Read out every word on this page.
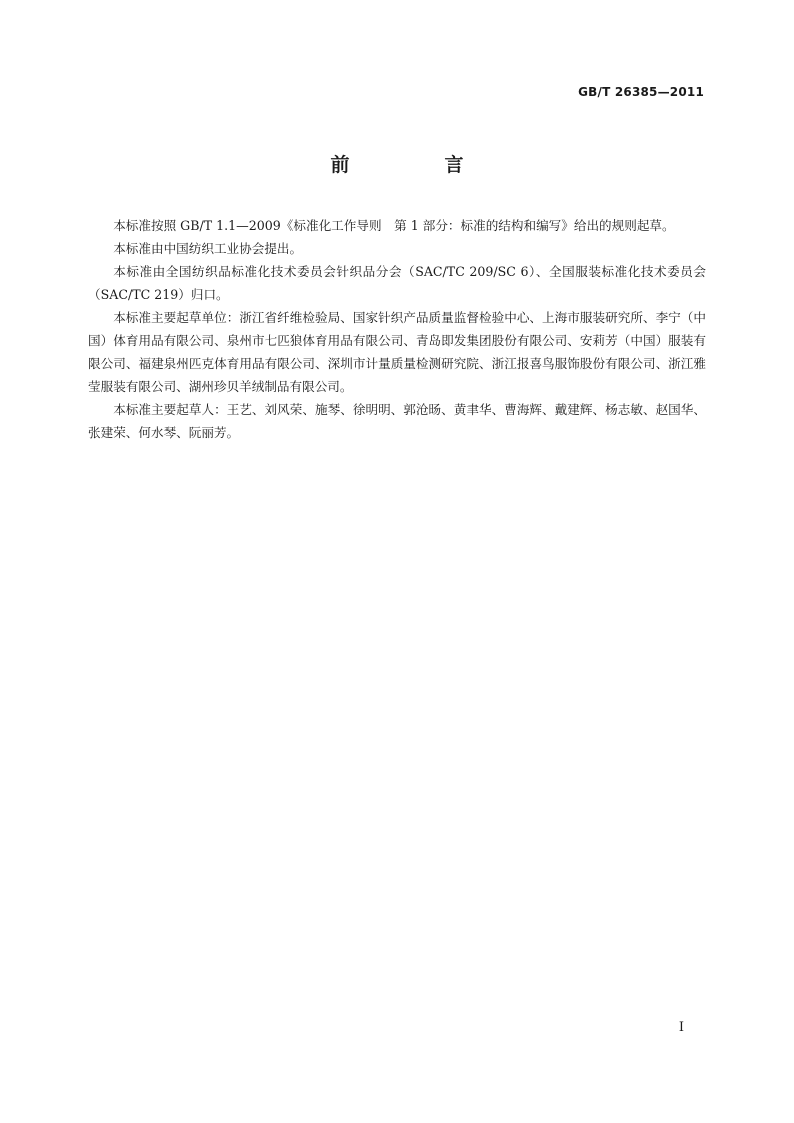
GB/T 26385—2011
前　言

本标准按照 GB/T 1.1—2009《标准化工作导则　第 1 部分：标准的结构和编写》给出的规则起草。

本标准由中国纺织工业协会提出。

本标准由全国纺织品标准化技术委员会针织品分会（SAC/TC 209/SC 6）、全国服装标准化技术委员会（SAC/TC 219）归口。

本标准主要起草单位：浙江省纤维检验局、国家针织产品质量监督检验中心、上海市服装研究所、李宁（中国）体育用品有限公司、泉州市七匹狼体育用品有限公司、青岛即发集团股份有限公司、安莉芳（中国）服装有限公司、福建泉州匹克体育用品有限公司、深圳市计量质量检测研究院、浙江报喜鸟服饰股份有限公司、浙江雅莹服装有限公司、湖州珍贝羊绒制品有限公司。

本标准主要起草人：王艺、刘风荣、施琴、徐明明、郭沧旸、黄聿华、曹海辉、戴建辉、杨志敏、赵国华、张建荣、何水琴、阮丽芳。

I
